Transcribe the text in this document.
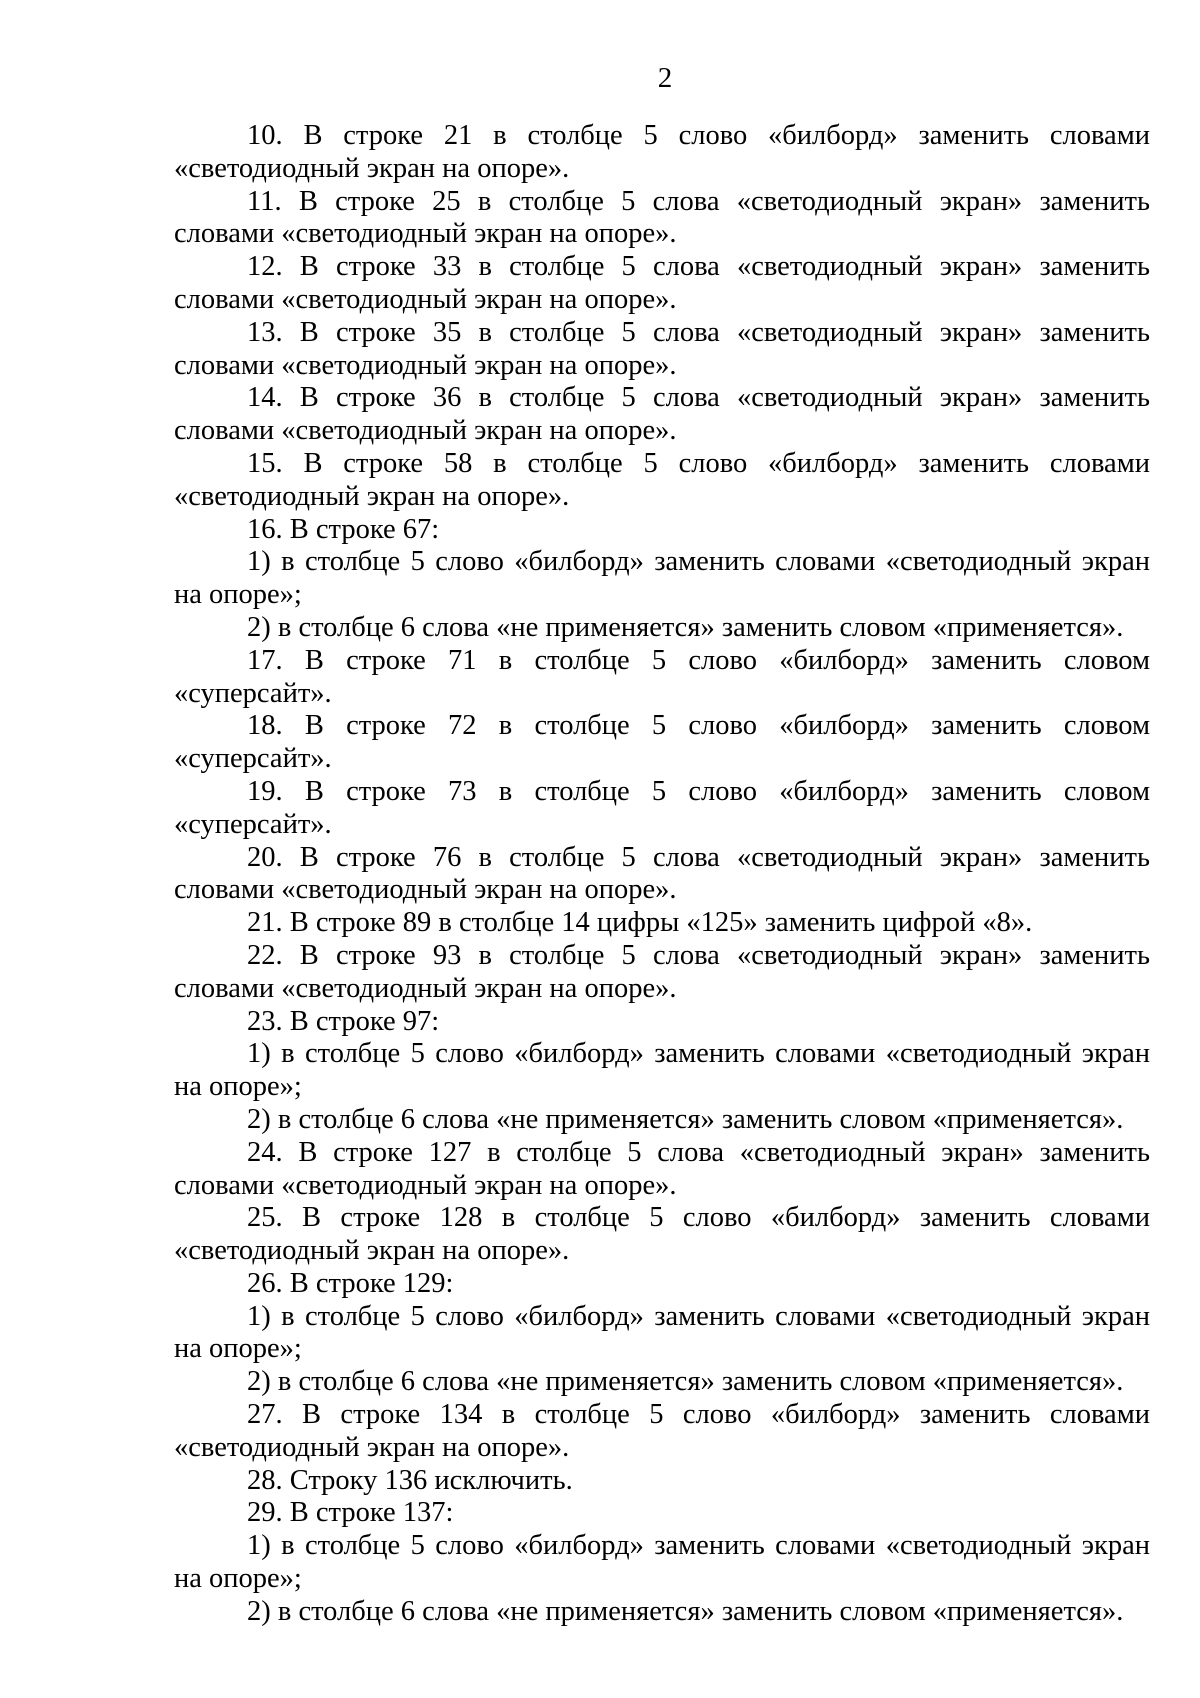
2

10. В строке 21 в столбце 5 слово «билборд» заменить словами «светодиодный экран на опоре».

11. В строке 25 в столбце 5 слова «светодиодный экран» заменить словами «светодиодный экран на опоре».

12. В строке 33 в столбце 5 слова «светодиодный экран» заменить словами «светодиодный экран на опоре».

13. В строке 35 в столбце 5 слова «светодиодный экран» заменить словами «светодиодный экран на опоре».

14. В строке 36 в столбце 5 слова «светодиодный экран» заменить словами «светодиодный экран на опоре».

15. В строке 58 в столбце 5 слово «билборд» заменить словами «светодиодный экран на опоре».

16. В строке 67:

1) в столбце 5 слово «билборд» заменить словами «светодиодный экран на опоре»;

2) в столбце 6 слова «не применяется» заменить словом «применяется».

17. В строке 71 в столбце 5 слово «билборд» заменить словом «суперсайт».

18. В строке 72 в столбце 5 слово «билборд» заменить словом «суперсайт».

19. В строке 73 в столбце 5 слово «билборд» заменить словом «суперсайт».

20. В строке 76 в столбце 5 слова «светодиодный экран» заменить словами «светодиодный экран на опоре».

21. В строке 89 в столбце 14 цифры «125» заменить цифрой «8».

22. В строке 93 в столбце 5 слова «светодиодный экран» заменить словами «светодиодный экран на опоре».

23. В строке 97:

1) в столбце 5 слово «билборд» заменить словами «светодиодный экран на опоре»;

2) в столбце 6 слова «не применяется» заменить словом «применяется».

24. В строке 127 в столбце 5 слова «светодиодный экран» заменить словами «светодиодный экран на опоре».

25. В строке 128 в столбце 5 слово «билборд» заменить словами «светодиодный экран на опоре».

26. В строке 129:

1) в столбце 5 слово «билборд» заменить словами «светодиодный экран на опоре»;

2) в столбце 6 слова «не применяется» заменить словом «применяется».

27. В строке 134 в столбце 5 слово «билборд» заменить словами «светодиодный экран на опоре».

28. Строку 136 исключить.

29. В строке 137:

1) в столбце 5 слово «билборд» заменить словами «светодиодный экран на опоре»;

2) в столбце 6 слова «не применяется» заменить словом «применяется».
